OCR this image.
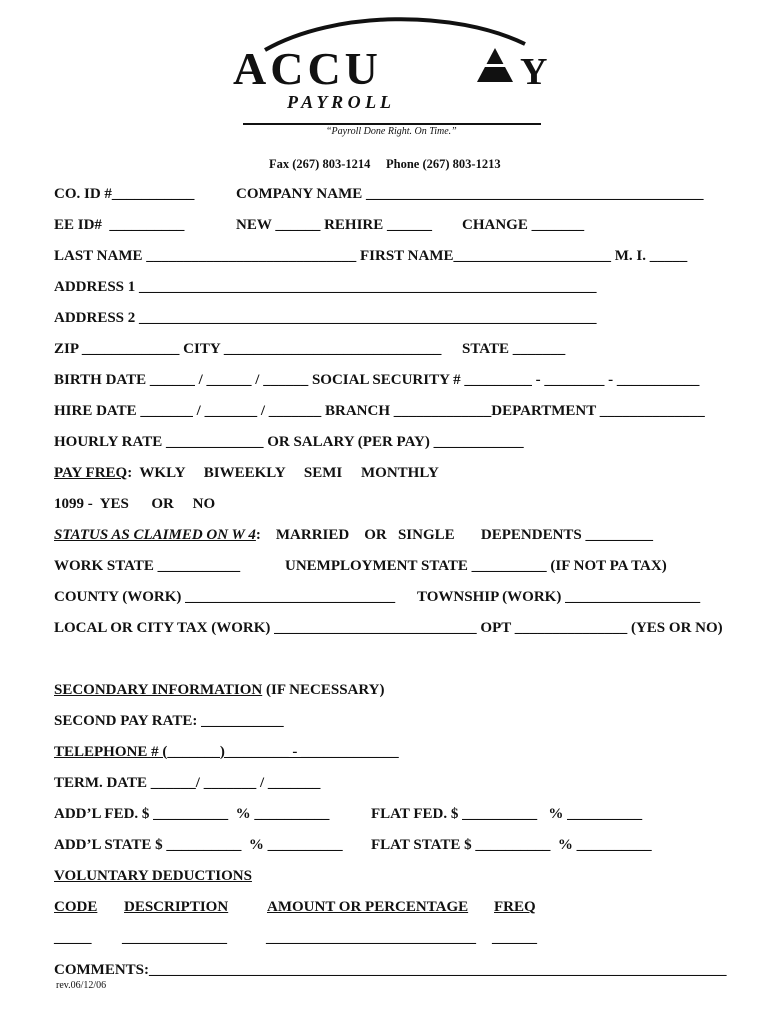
ACCU	Y
P A Y R O L L
“Payroll Done Right. On Time.”
Fax (267) 803-1214     Phone (267) 803-1213
CO. ID #___________	COMPANY NAME _____________________________________________
EE ID#  __________	NEW ______ REHIRE ______ CHANGE _______
LAST NAME ____________________________ FIRST NAME_____________________ M. I. _____
ADDRESS 1 _____________________________________________________________
ADDRESS 2 _____________________________________________________________
ZIP _____________ CITY _____________________________ STATE _______
BIRTH DATE ______ / ______ / ______ SOCIAL SECURITY # _________ - ________ - ___________
HIRE DATE _______ / _______ / _______ BRANCH _____________DEPARTMENT ______________
HOURLY RATE _____________ OR SALARY (PER PAY) ____________
PAY FREQ:  WKLY     BIWEEKLY     SEMI     MONTHLY
1099 -  YES      OR     NO
STATUS AS CLAIMED ON W 4:    MARRIED    OR   SINGLE       DEPENDENTS _________
WORK STATE ___________	UNEMPLOYMENT STATE __________ (IF NOT PA TAX)
COUNTY (WORK) ____________________________ TOWNSHIP (WORK) __________________
LOCAL OR CITY TAX (WORK) ___________________________ OPT _______________ (YES OR NO)
SECONDARY INFORMATION (IF NECESSARY)
SECOND PAY RATE: ___________
TELEPHONE # (_______) ________ - _____________
TERM. DATE ______/ _______ / _______
ADD’L FED. $ __________  % __________	FLAT FED. $ __________   % __________
ADD’L STATE $ __________  % __________ FLAT STATE $ __________  % __________
VOLUNTARY DEDUCTIONS
CODE DESCRIPTION	AMOUNT OR PERCENTAGE FREQ
_____ ______________	____________________________ ______
COMMENTS:_____________________________________________________________________________
rev.06/12/06
